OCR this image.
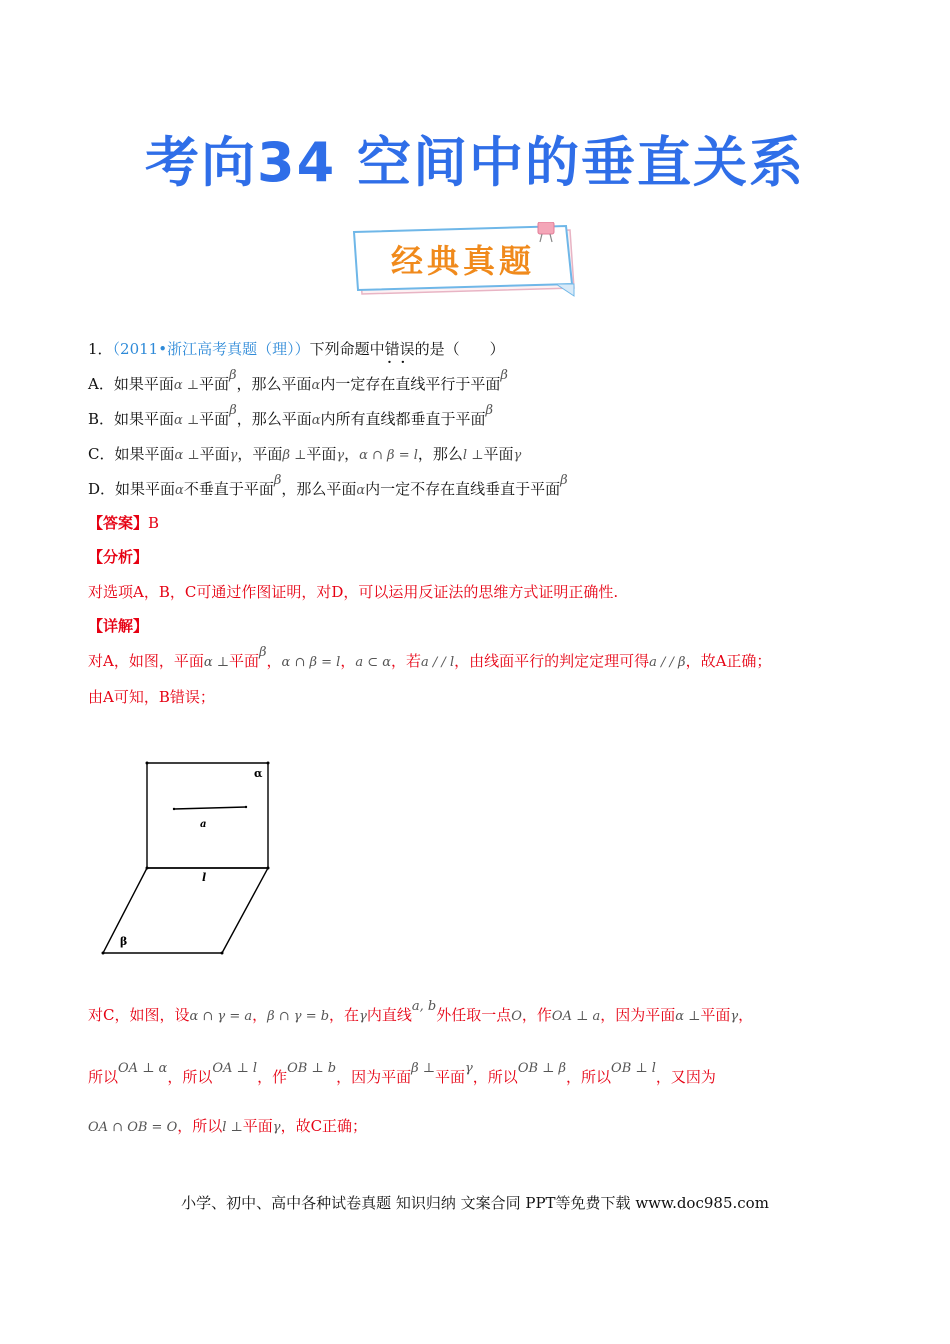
考向34 空间中的垂直关系
经典真题
1．（2011•浙江高考真题（理））下列命题中错误 · ·的是（　　）
A．如果平面α ⊥平面β，那么平面α内一定存在直线平行于平面β
B．如果平面α ⊥平面β，那么平面α内所有直线都垂直于平面β
C．如果平面α ⊥平面γ，平面β ⊥平面γ，α ∩ β = l，那么l ⊥平面γ
D．如果平面α不垂直于平面β，那么平面α内一定不存在直线垂直于平面β
【答案】B
【分析】
对选项A，B，C可通过作图证明，对D，可以运用反证法的思维方式证明正确性.
【详解】
对A，如图，平面α ⊥平面β，α ∩ β = l，a ⊂ α，若a / / l，由线面平行的判定定理可得a / / β，故A正确；
由A可知，B错误；
α
a
l
β
对C，如图，设α ∩ γ = a，β ∩ γ = b，在γ内直线a, b外任取一点O，作OA ⊥ a，因为平面α ⊥平面γ，
所以OA ⊥ α，所以OA ⊥ l，作OB ⊥ b，因为平面β ⊥平面γ，所以OB ⊥ β，所以OB ⊥ l，又因为
OA ∩ OB = O，所以l ⊥平面γ，故C正确；
小学、初中、高中各种试卷真题 知识归纳 文案合同 PPT等免费下载 www.doc985.com
